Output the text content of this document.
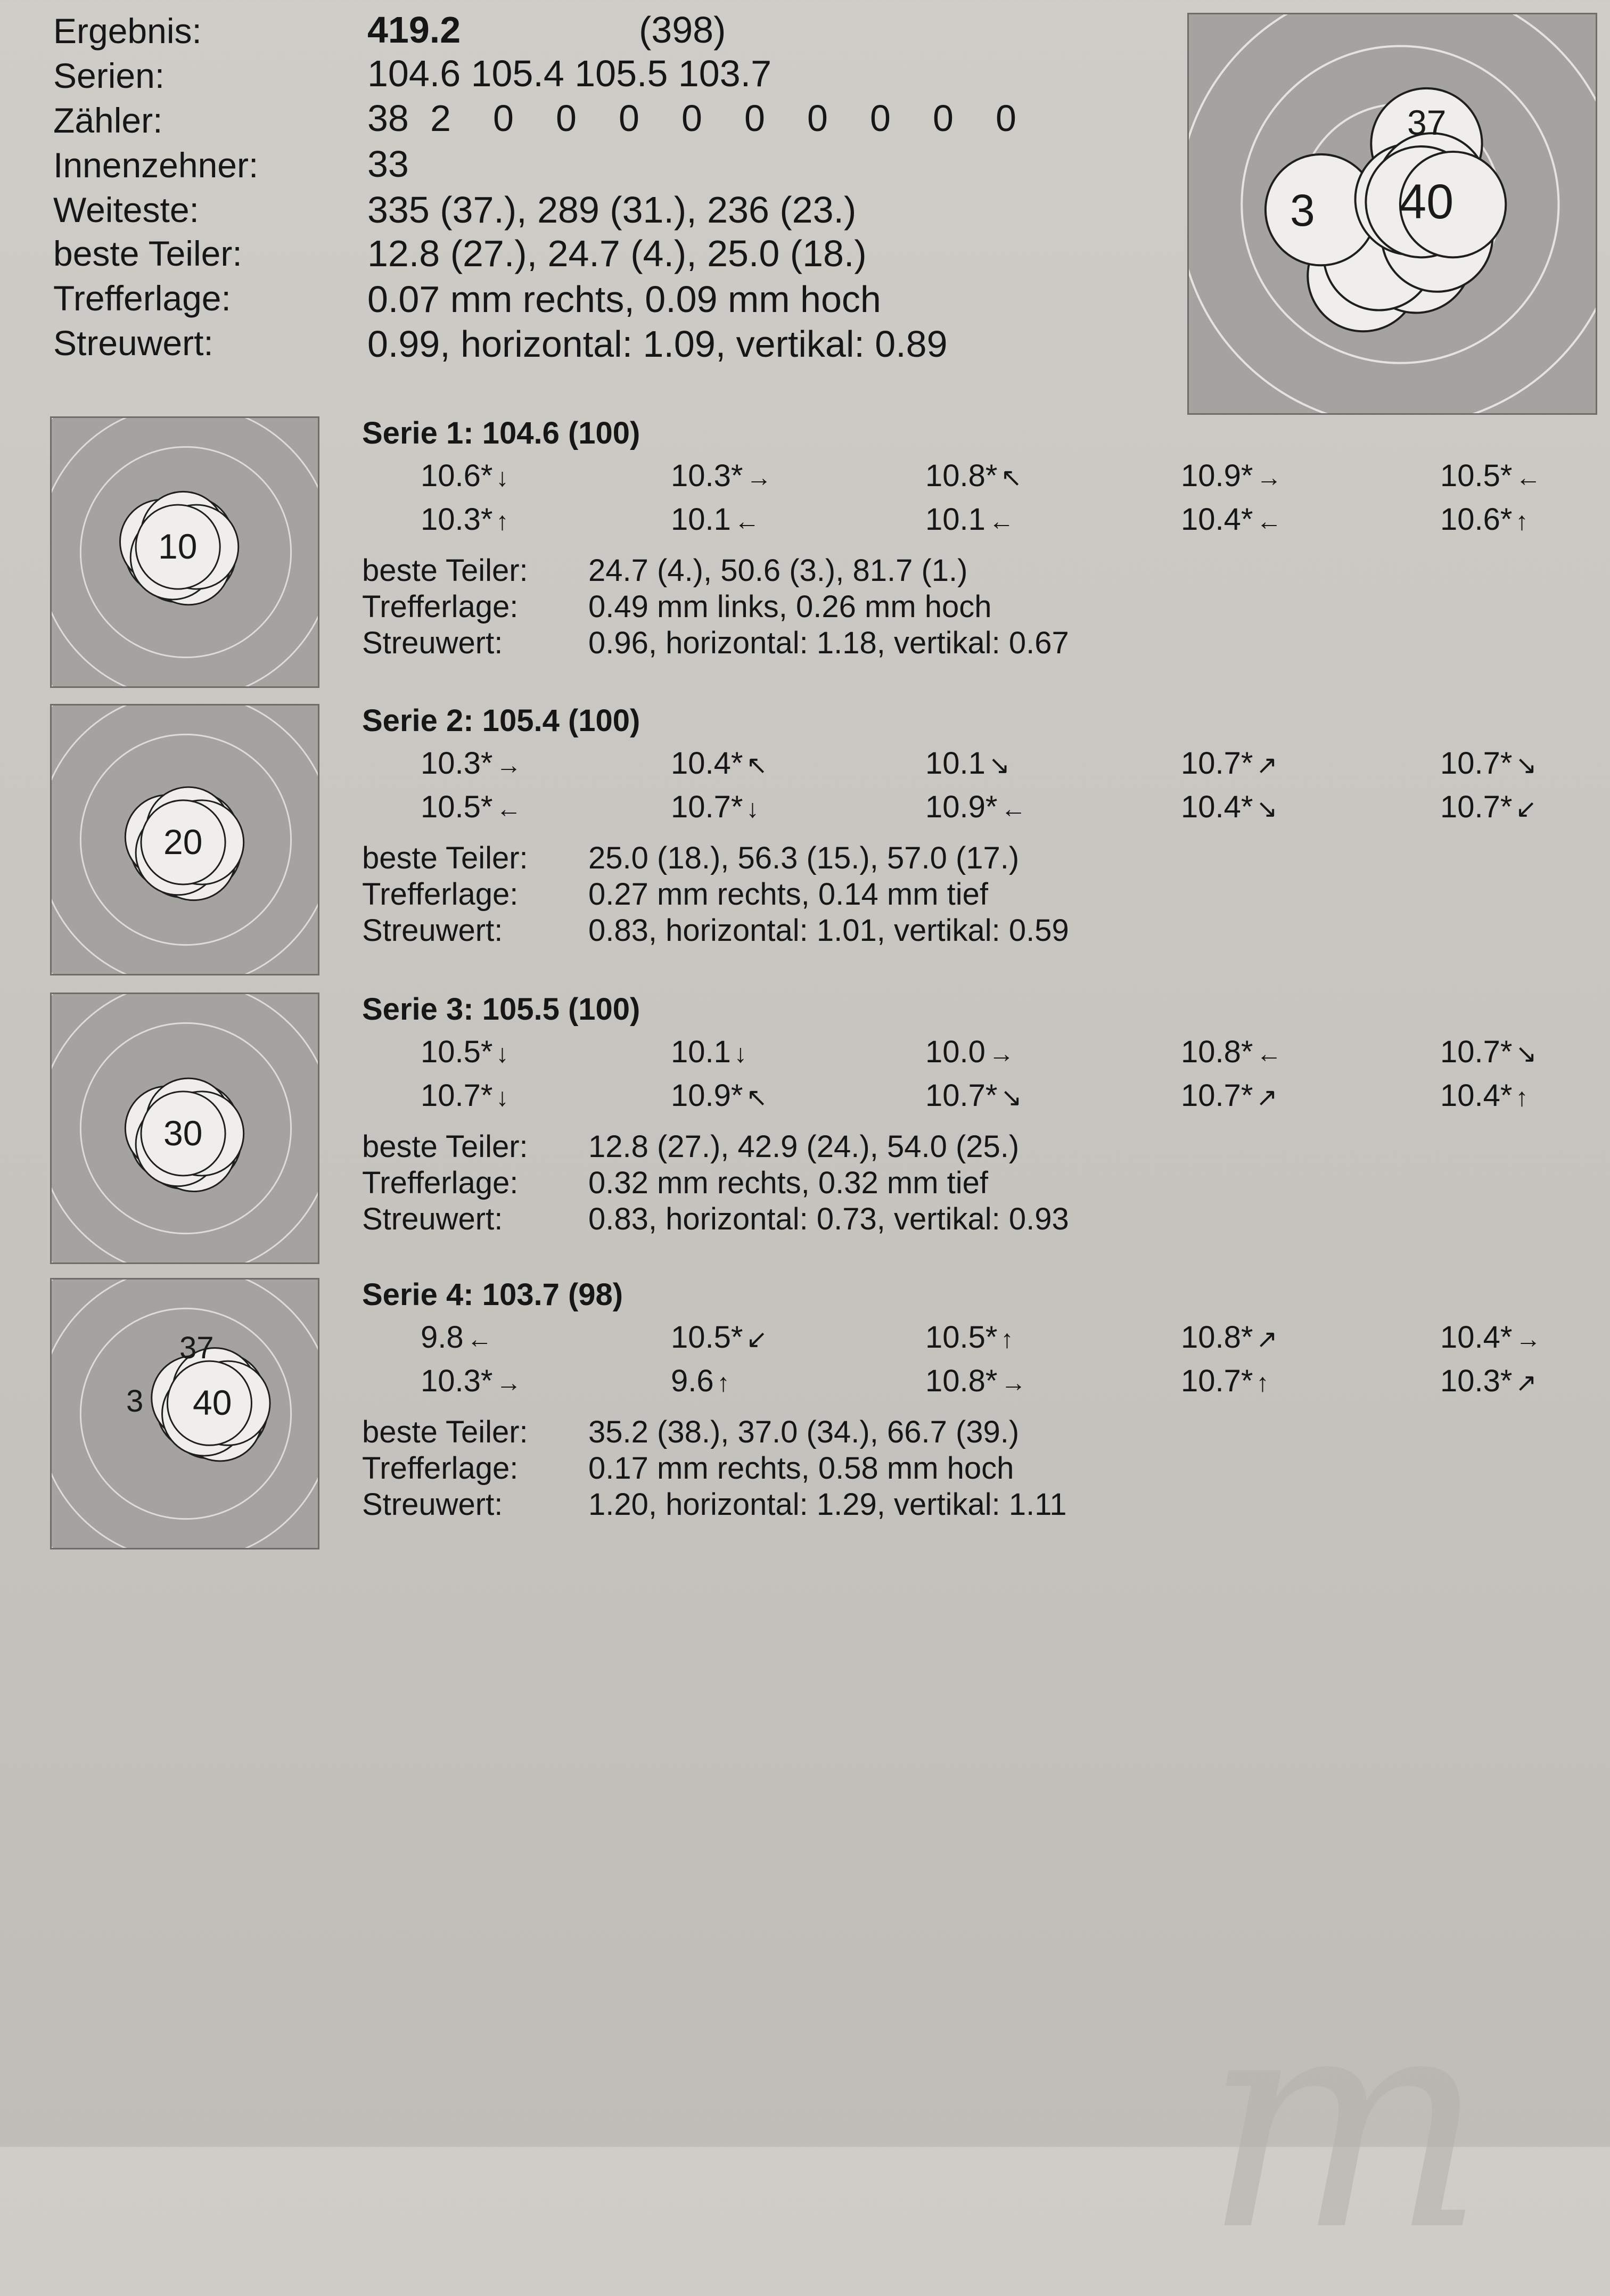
Ergebnis:	419.2	(398)
Serien:	104.6 105.4 105.5 103.7
Zähler:	38 2	0	0	0	0	0	0	0	0	0
Innenzehner:	33
Weiteste:	335 (37.), 289 (31.), 236 (23.)
beste Teiler:	12.8 (27.), 24.7 (4.), 25.0 (18.)
Trefferlage:	0.07 mm rechts, 0.09 mm hoch
Streuwert:	0.99, horizontal: 1.09, vertikal: 0.89
37
3 40
10
Serie 1: 104.6 (100)
10.6* ↓	10.3* →	10.8* ↖	10.9* →	10.5* ←
10.3* ↑	10.1 ←	10.1 ←	10.4* ←	10.6* ↑
beste Teiler: 24.7 (4.), 50.6 (3.), 81.7 (1.)
Trefferlage: 0.49 mm links, 0.26 mm hoch
Streuwert:	0.96, horizontal: 1.18, vertikal: 0.67
20
Serie 2: 105.4 (100)
10.3* →	10.4* ↖	10.1 ↘	10.7* ↗	10.7* ↘
10.5* ←	10.7* ↓	10.9* ←	10.4* ↘	10.7* ↙
beste Teiler: 25.0 (18.), 56.3 (15.), 57.0 (17.)
Trefferlage: 0.27 mm rechts, 0.14 mm tief
Streuwert:	0.83, horizontal: 1.01, vertikal: 0.59
30
Serie 3: 105.5 (100)
10.5* ↓	10.1 ↓	10.0 →	10.8* ←	10.7* ↘
10.7* ↓	10.9* ↖	10.7* ↘	10.7* ↗	10.4* ↑
beste Teiler: 12.8 (27.), 42.9 (24.), 54.0 (25.)
Trefferlage: 0.32 mm rechts, 0.32 mm tief
Streuwert:	0.83, horizontal: 0.73, vertikal: 0.93
40
37
3
Serie 4: 103.7 (98)
9.8 ←	10.5* ↙	10.5* ↑	10.8* ↗	10.4* →
10.3* →	9.6 ↑	10.8* →	10.7* ↑	10.3* ↗
beste Teiler: 35.2 (38.), 37.0 (34.), 66.7 (39.)
Trefferlage: 0.17 mm rechts, 0.58 mm hoch
Streuwert:	1.20, horizontal: 1.29, vertikal: 1.11
m
